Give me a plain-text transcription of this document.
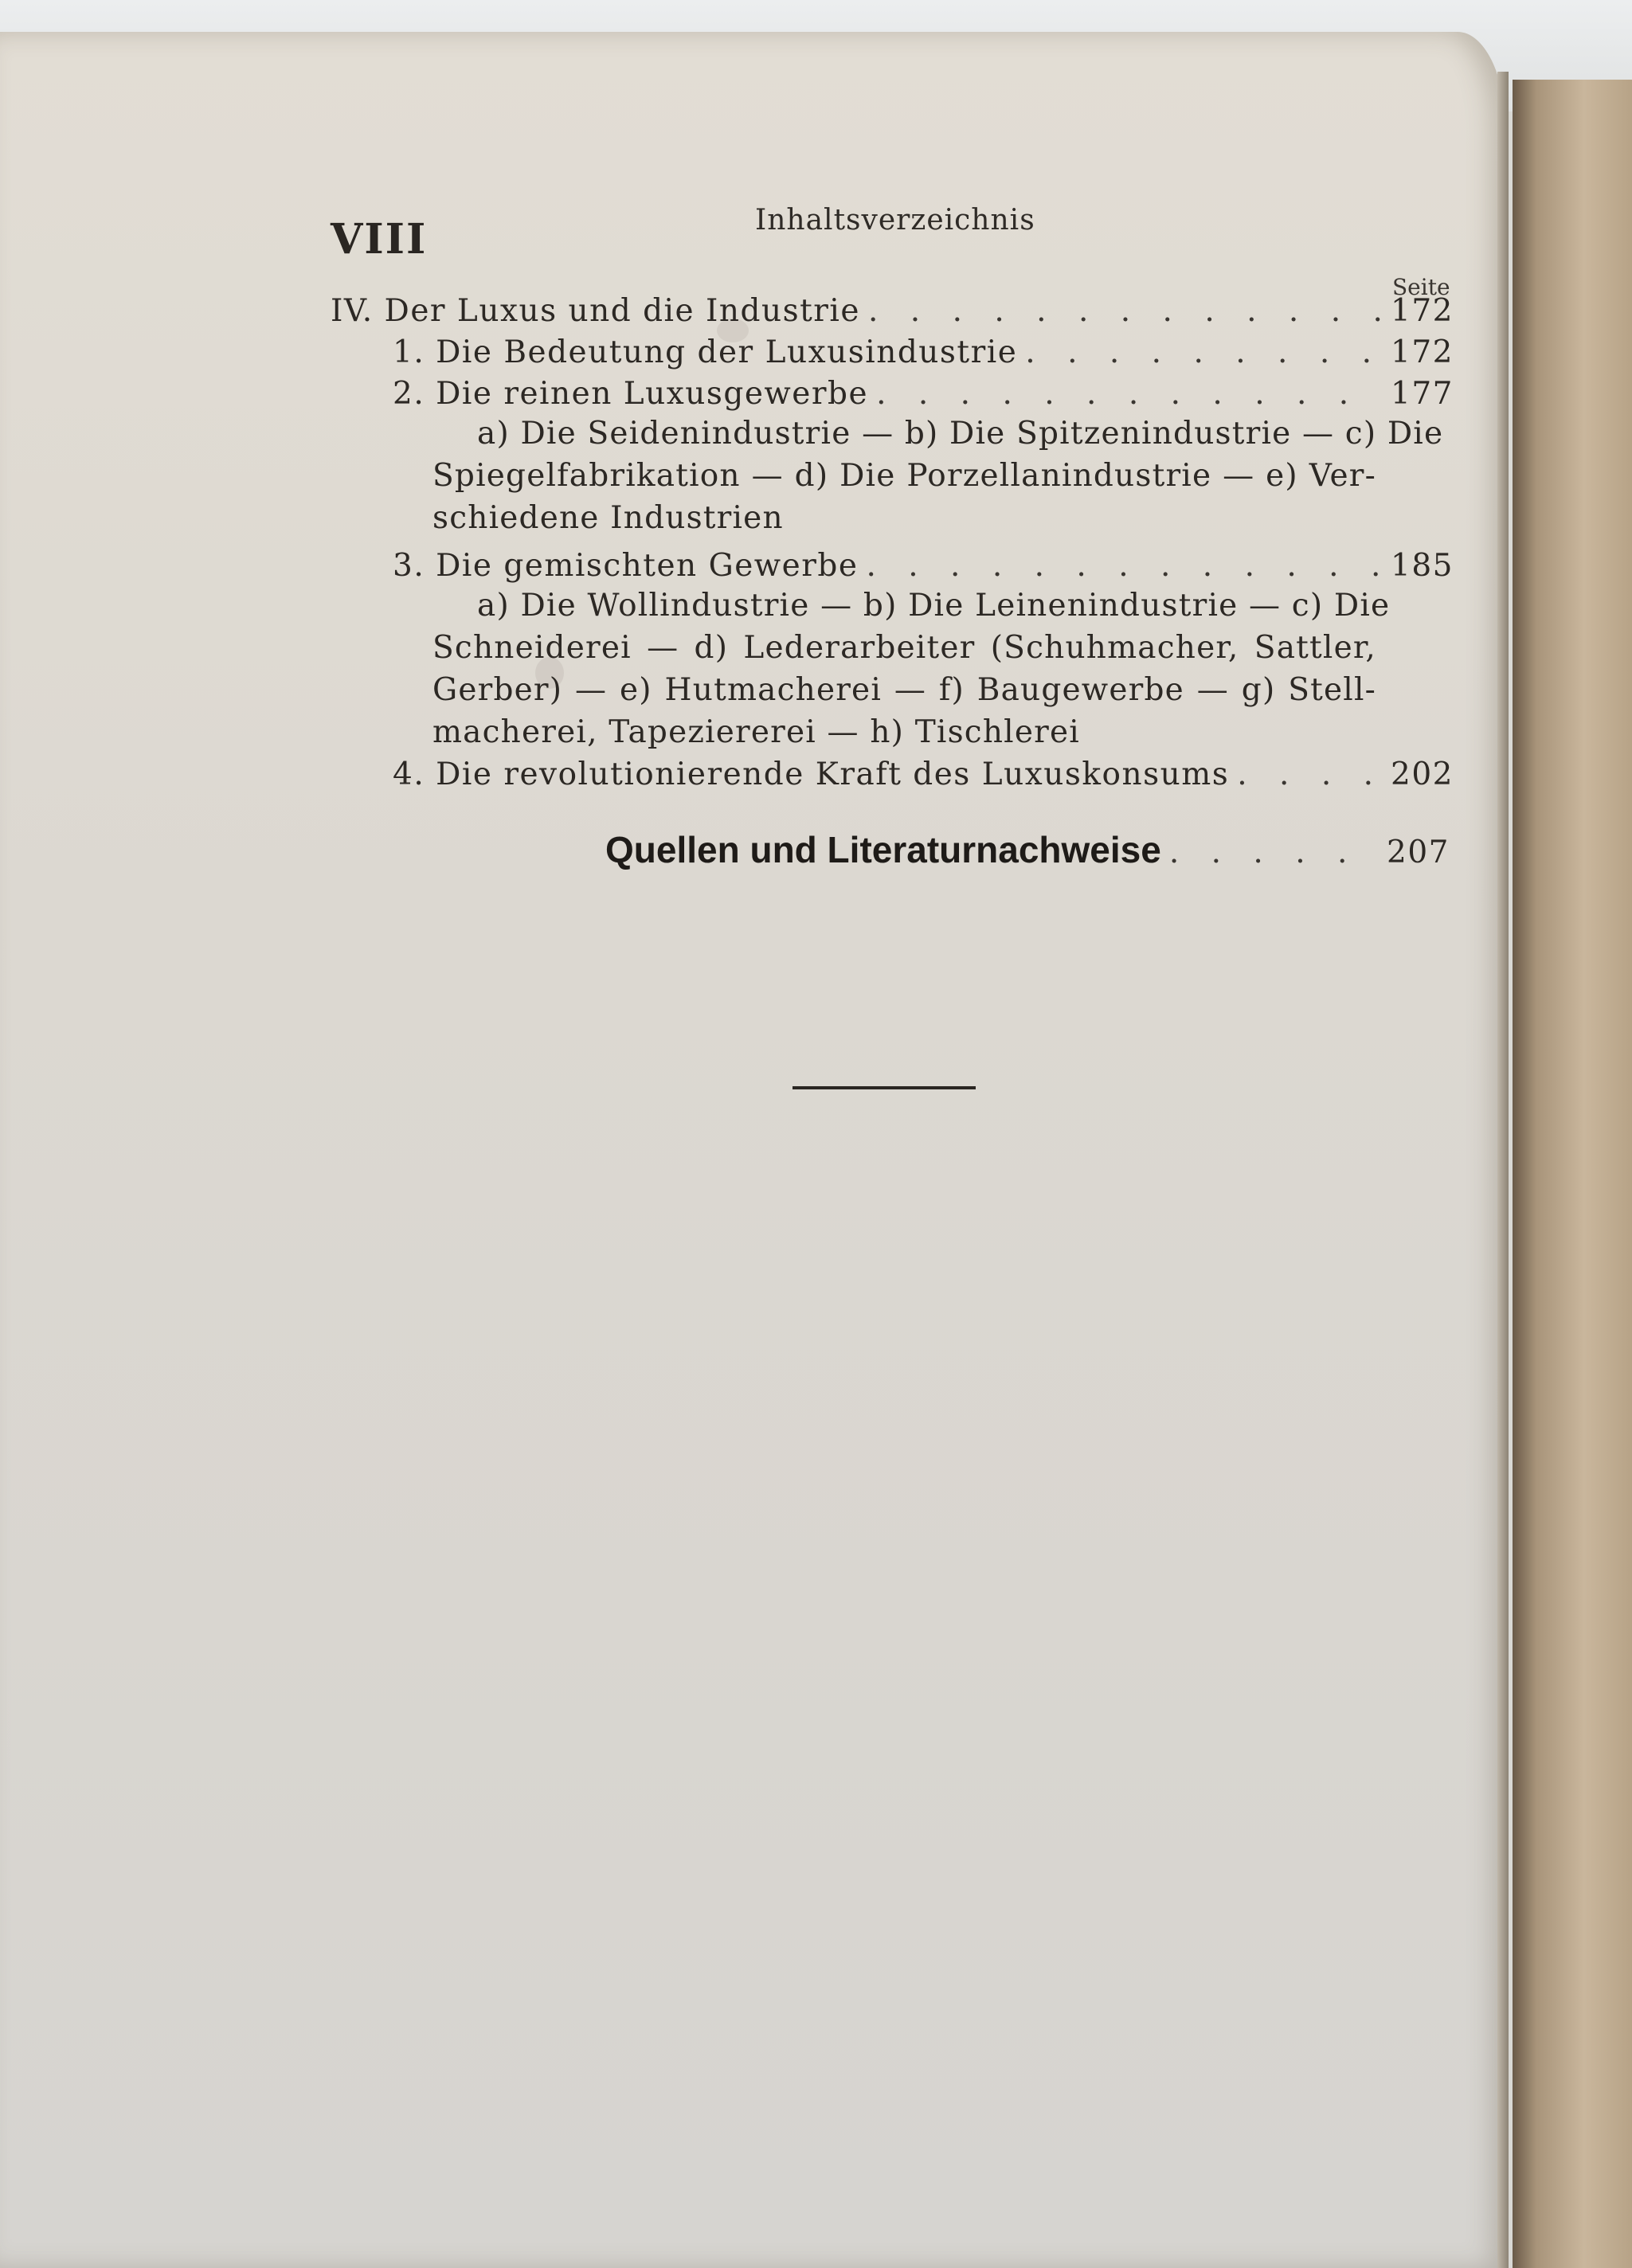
VIII	Inhaltsverzeichnis
Seite
IV. Der Luxus und die Industrie . . .	172
1. Die Bedeutung der Luxusindustrie . . .	172
2. Die reinen Luxusgewerbe . . .	177
a) Die Seidenindustrie — b) Die Spitzenindustrie — c) Die
Spiegelfabrikation — d) Die Porzellanindustrie — e) Ver-
schiedene Industrien
3. Die gemischten Gewerbe . . .	185
a) Die Wollindustrie — b) Die Leinenindustrie — c) Die
Schneiderei — d) Lederarbeiter (Schuhmacher, Sattler,
Gerber) — e) Hutmacherei — f) Baugewerbe — g) Stell-
macherei, Tapeziererei — h) Tischlerei
4. Die revolutionierende Kraft des Luxuskonsums . . .	202
Quellen und Literaturnachweise . . .	207
